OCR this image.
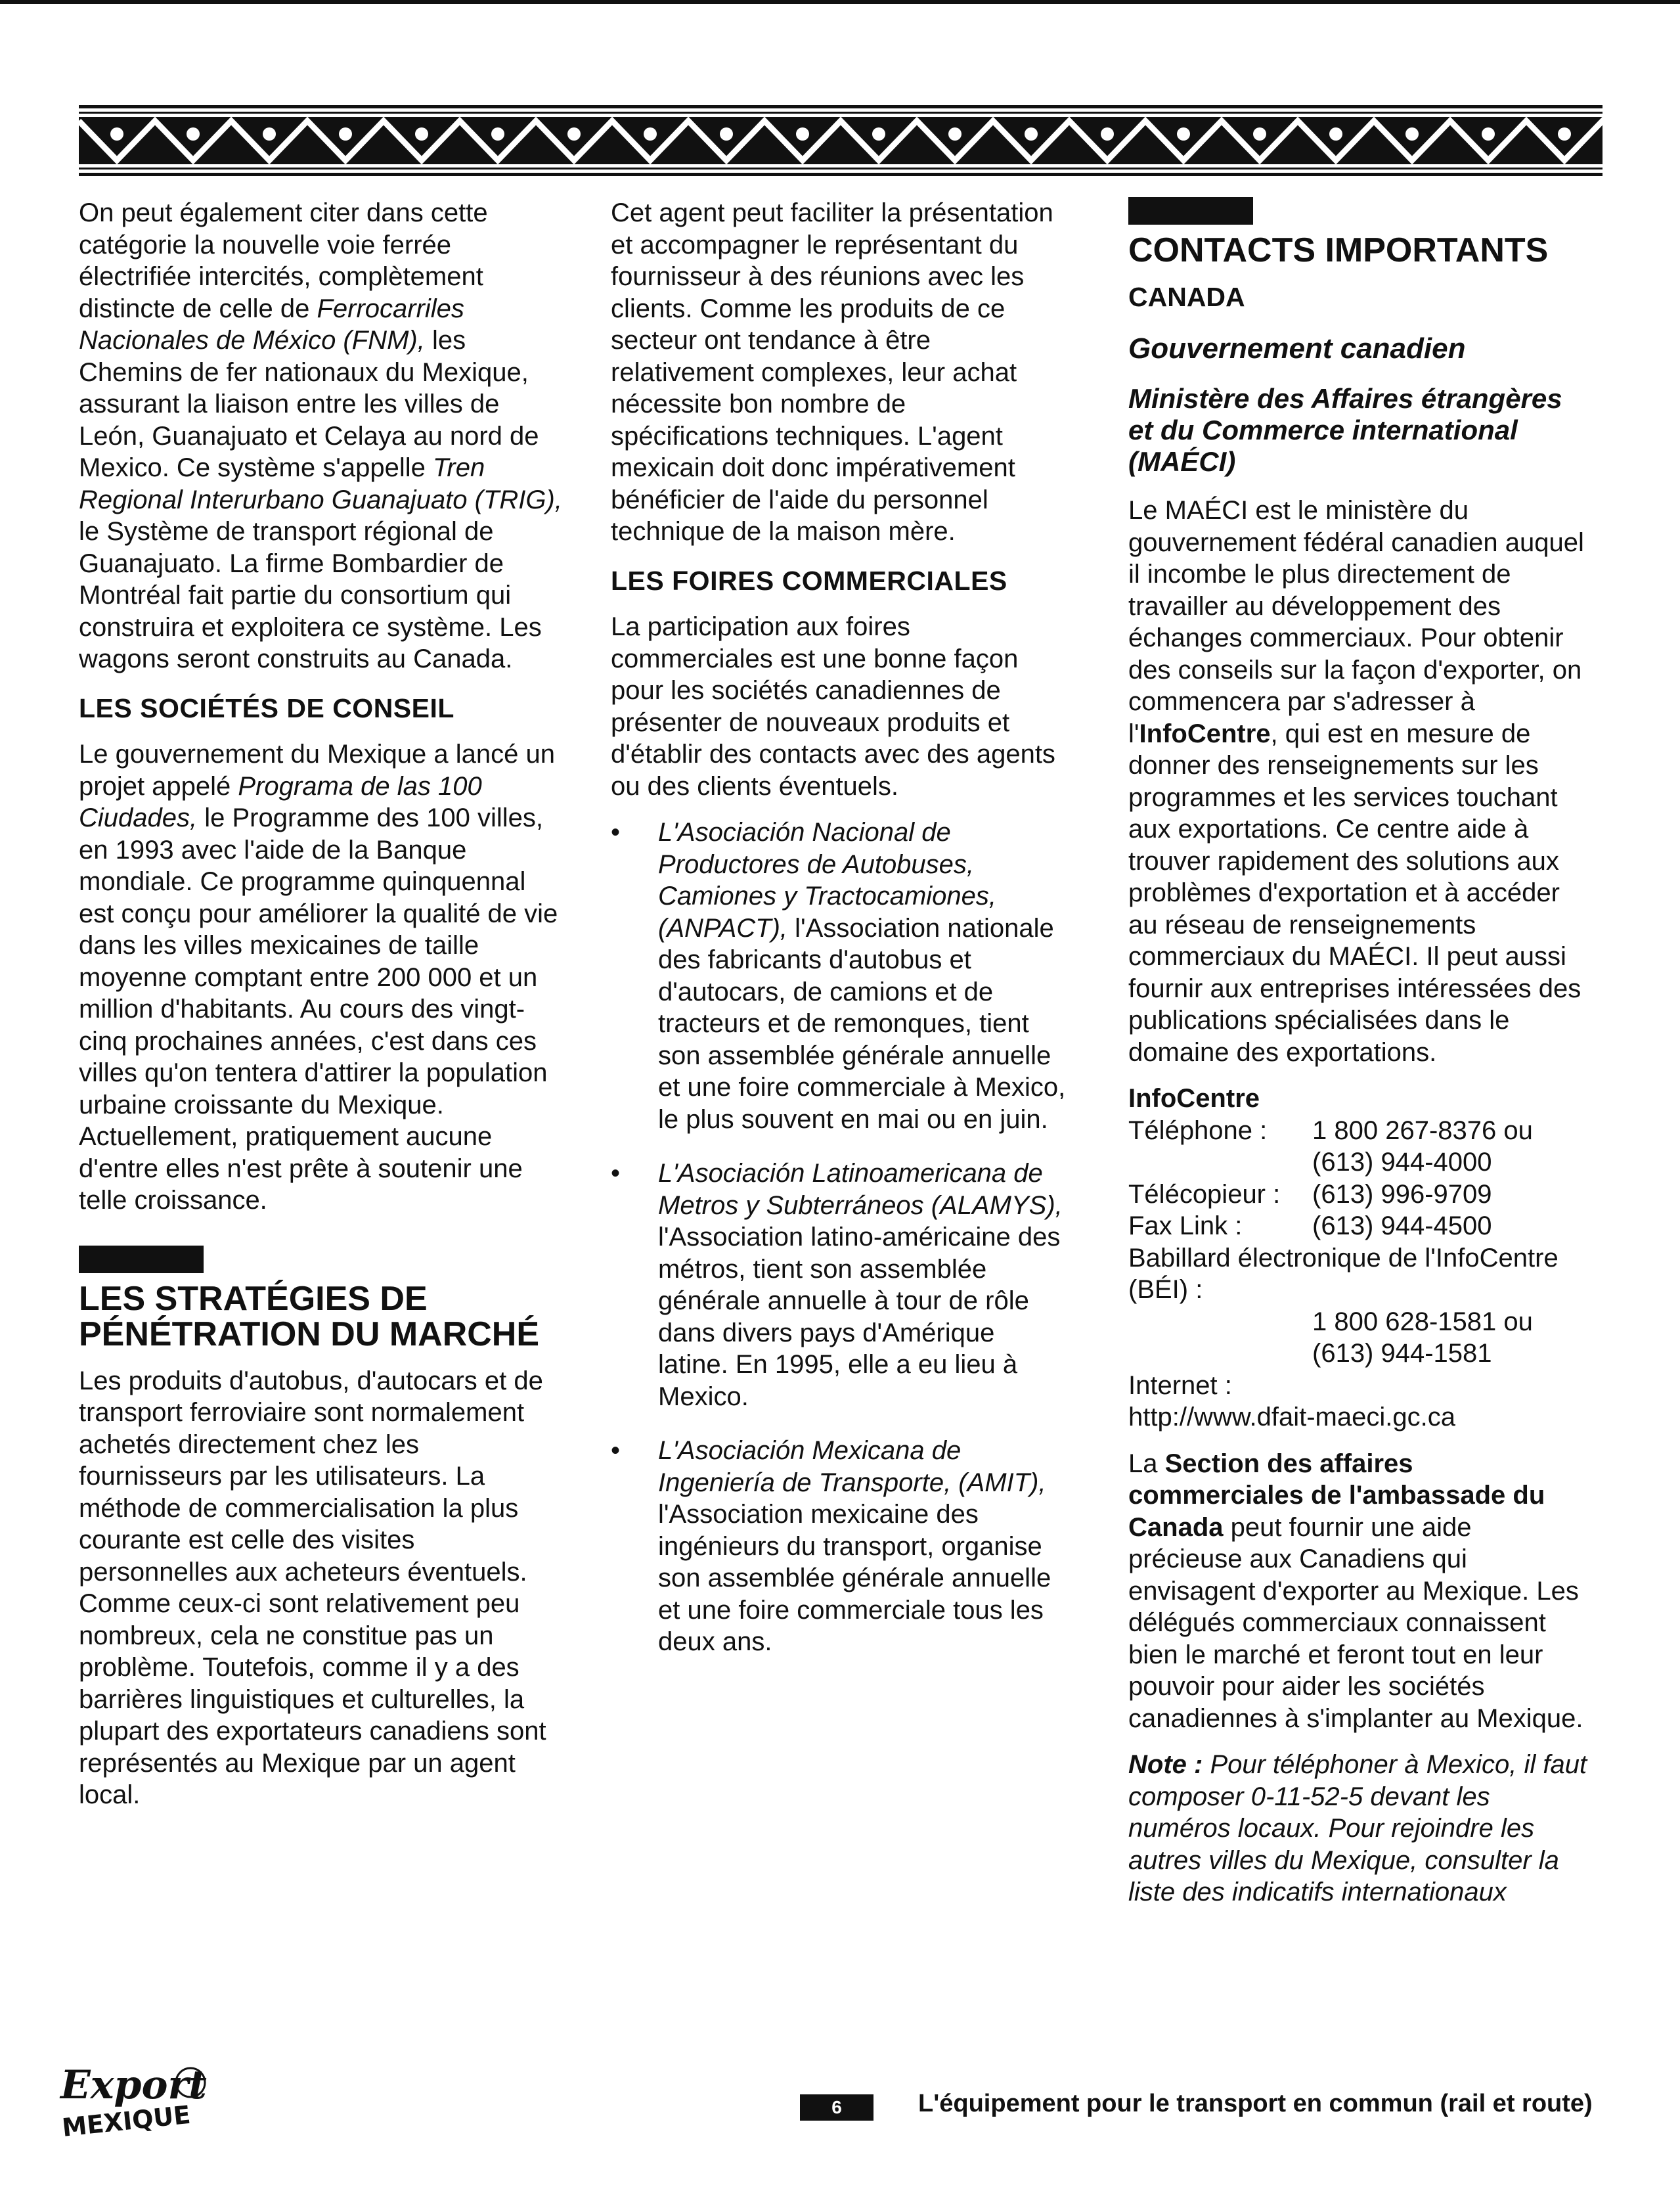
On peut également citer dans cette catégorie la nouvelle voie ferrée électrifiée intercités, complètement distincte de celle de Ferrocarriles Nacionales de México (FNM), les Chemins de fer nationaux du Mexique, assurant la liaison entre les villes de León, Guanajuato et Celaya au nord de Mexico. Ce système s'appelle Tren Regional Interurbano Guanajuato (TRIG), le Système de transport régional de Guanajuato. La firme Bombardier de Montréal fait partie du consortium qui construira et exploitera ce système. Les wagons seront construits au Canada.

LES SOCIÉTÉS DE CONSEIL

Le gouvernement du Mexique a lancé un projet appelé Programa de las 100 Ciudades, le Programme des 100 villes, en 1993 avec l'aide de la Banque mondiale. Ce programme quinquennal est conçu pour améliorer la qualité de vie dans les villes mexicaines de taille moyenne comptant entre 200 000 et un million d'habitants. Au cours des vingt-cinq prochaines années, c'est dans ces villes qu'on tentera d'attirer la population urbaine croissante du Mexique. Actuellement, pratiquement aucune d'entre elles n'est prête à soutenir une telle croissance.

LES STRATÉGIES DE
PÉNÉTRATION DU MARCHÉ

Les produits d'autobus, d'autocars et de transport ferroviaire sont normalement achetés directement chez les fournisseurs par les utilisateurs. La méthode de commercialisation la plus courante est celle des visites personnelles aux acheteurs éventuels. Comme ceux-ci sont relativement peu nombreux, cela ne constitue pas un problème. Toutefois, comme il y a des barrières linguistiques et culturelles, la plupart des exportateurs canadiens sont représentés au Mexique par un agent local.

Cet agent peut faciliter la présentation et accompagner le représentant du fournisseur à des réunions avec les clients. Comme les produits de ce secteur ont tendance à être relativement complexes, leur achat nécessite bon nombre de spécifications techniques. L'agent mexicain doit donc impérativement bénéficier de l'aide du personnel technique de la maison mère.

LES FOIRES COMMERCIALES

La participation aux foires commerciales est une bonne façon pour les sociétés canadiennes de présenter de nouveaux produits et d'établir des contacts avec des agents ou des clients éventuels.

• L'Asociación Nacional de Productores de Autobuses, Camiones y Tractocamiones, (ANPACT), l'Association nationale des fabricants d'autobus et d'autocars, de camions et de tracteurs et de remonques, tient son assemblée générale annuelle et une foire commerciale à Mexico, le plus souvent en mai ou en juin.
• L'Asociación Latinoamericana de Metros y Subterráneos (ALAMYS), l'Association latino-américaine des métros, tient son assemblée générale annuelle à tour de rôle dans divers pays d'Amérique latine. En 1995, elle a eu lieu à Mexico.
• L'Asociación Mexicana de Ingeniería de Transporte, (AMIT), l'Association mexicaine des ingénieurs du transport, organise son assemblée générale annuelle et une foire commerciale tous les deux ans.
CONTACTS IMPORTANTS
CANADA
Gouvernement canadien
Ministère des Affaires étrangères et du Commerce international (MAÉCI)

Le MAÉCI est le ministère du gouvernement fédéral canadien auquel il incombe le plus directement de travailler au développement des échanges commerciaux. Pour obtenir des conseils sur la façon d'exporter, on commencera par s'adresser à l'InfoCentre, qui est en mesure de donner des renseignements sur les programmes et les services touchant aux exportations. Ce centre aide à trouver rapidement des solutions aux problèmes d'exportation et à accéder au réseau de renseignements commerciaux du MAÉCI. Il peut aussi fournir aux entreprises intéressées des publications spécialisées dans le domaine des exportations.

InfoCentre
Téléphone :	1 800 267-8376 ou
(613) 944-4000
Télécopieur :	(613) 996-9709
Fax Link :	(613) 944-4500
Babillard électronique de l'InfoCentre (BÉI) :
1 800 628-1581 ou
(613) 944-1581
Internet :
http://www.dfait-maeci.gc.ca

La Section des affaires commerciales de l'ambassade du Canada peut fournir une aide précieuse aux Canadiens qui envisagent d'exporter au Mexique. Les délégués commerciaux connaissent bien le marché et feront tout en leur pouvoir pour aider les sociétés canadiennes à s'implanter au Mexique.

Note : Pour téléphoner à Mexico, il faut composer 0-11-52-5 devant les numéros locaux. Pour rejoindre les autres villes du Mexique, consulter la liste des indicatifs internationaux

Export
MEXIQUE	6	L'équipement pour le transport en commun (rail et route)
